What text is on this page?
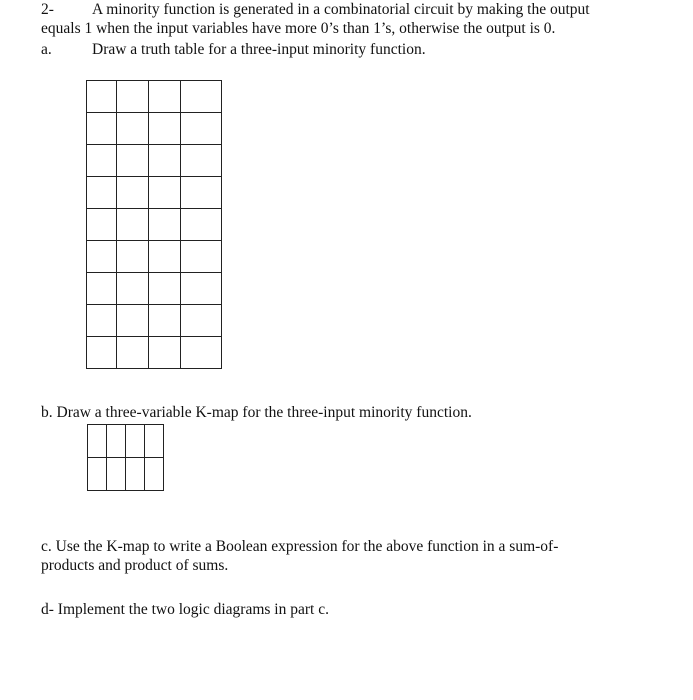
2- A minority function is generated in a combinatorial circuit by making the output
equals 1 when the input variables have more 0’s than 1’s, otherwise the output is 0.
a.	Draw a truth table for a three-input minority function.

b. Draw a three-variable K-map for the three-input minority function.

c. Use the K-map to write a Boolean expression for the above function in a sum-of-
products and product of sums.
d- Implement the two logic diagrams in part c.
